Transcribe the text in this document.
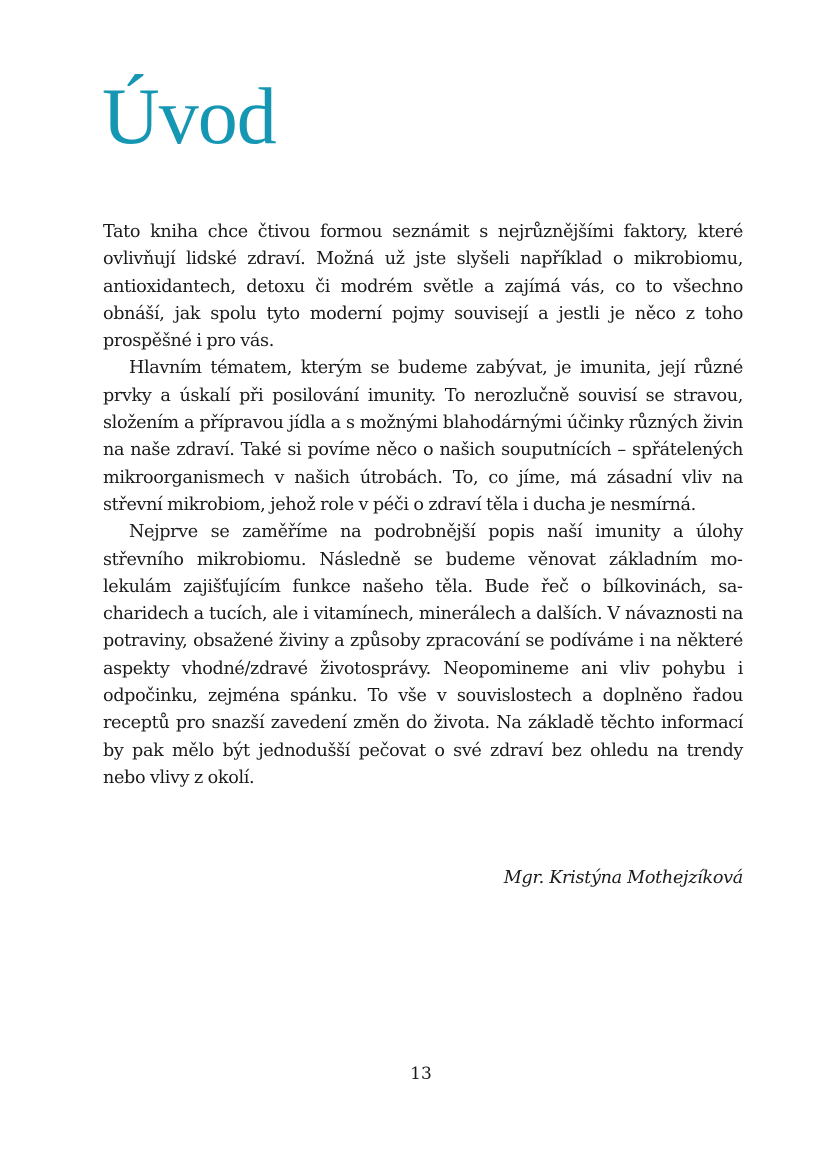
Úvod

Tato kniha chce čtivou formou seznámit s nejrůznějšími faktory, které ovlivňují lidské zdraví. Možná už jste slyšeli například o mikrobiomu, antioxidantech, detoxu či modrém světle a zajímá vás, co to všechno obnáší, jak spolu tyto moderní pojmy souvisejí a jestli je něco z toho prospěšné i pro vás.

Hlavním tématem, kterým se budeme zabývat, je imunita, její různé prvky a úskalí při posilování imunity. To nerozlučně souvisí se stravou, složením a přípravou jídla a s možnými blahodárnými účinky různých živin na naše zdraví. Také si povíme něco o našich souputnících – spřátelených mikroorganismech v našich útrobách. To, co jíme, má zásadní vliv na střevní mikrobiom, jehož role v péči o zdraví těla i ducha je nesmírná.

Nejprve se zaměříme na podrobnější popis naší imunity a úlohy střevního mikrobiomu. Následně se budeme věnovat základním molekulám zajišťujícím funkce našeho těla. Bude řeč o bílkovinách, sacharidech a tucích, ale i vitamínech, minerálech a dalších. V návaznosti na potraviny, obsažené živiny a způsoby zpracování se podíváme i na některé aspekty vhodné/zdravé životosprávy. Neopomineme ani vliv pohybu i odpočinku, zejména spánku. To vše v souvislostech a doplněno řadou receptů pro snazší zavedení změn do života. Na základě těchto informací by pak mělo být jednodušší pečovat o své zdraví bez ohledu na trendy nebo vlivy z okolí.

Mgr. Kristýna Mothejzíková
13
